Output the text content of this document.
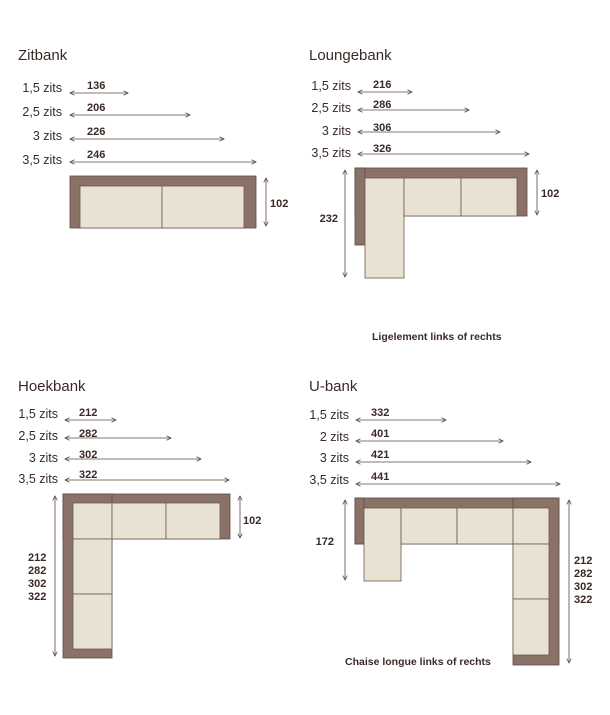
Zitbank
1,5 zits 136
2,5 zits 206
3 zits 226
3,5 zits 246
102
Loungebank
1,5 zits 216
2,5 zits 286
3 zits 306
3,5 zits 326
232
102
Ligelement links of rechts
Hoekbank
1,5 zits 212
2,5 zits 282
3 zits 302
3,5 zits 322
212
282
302
322
102
U-bank
1,5 zits 332
2 zits 401
3 zits 421
3,5 zits 441
172
212
282
302
322
Chaise longue links of rechts
